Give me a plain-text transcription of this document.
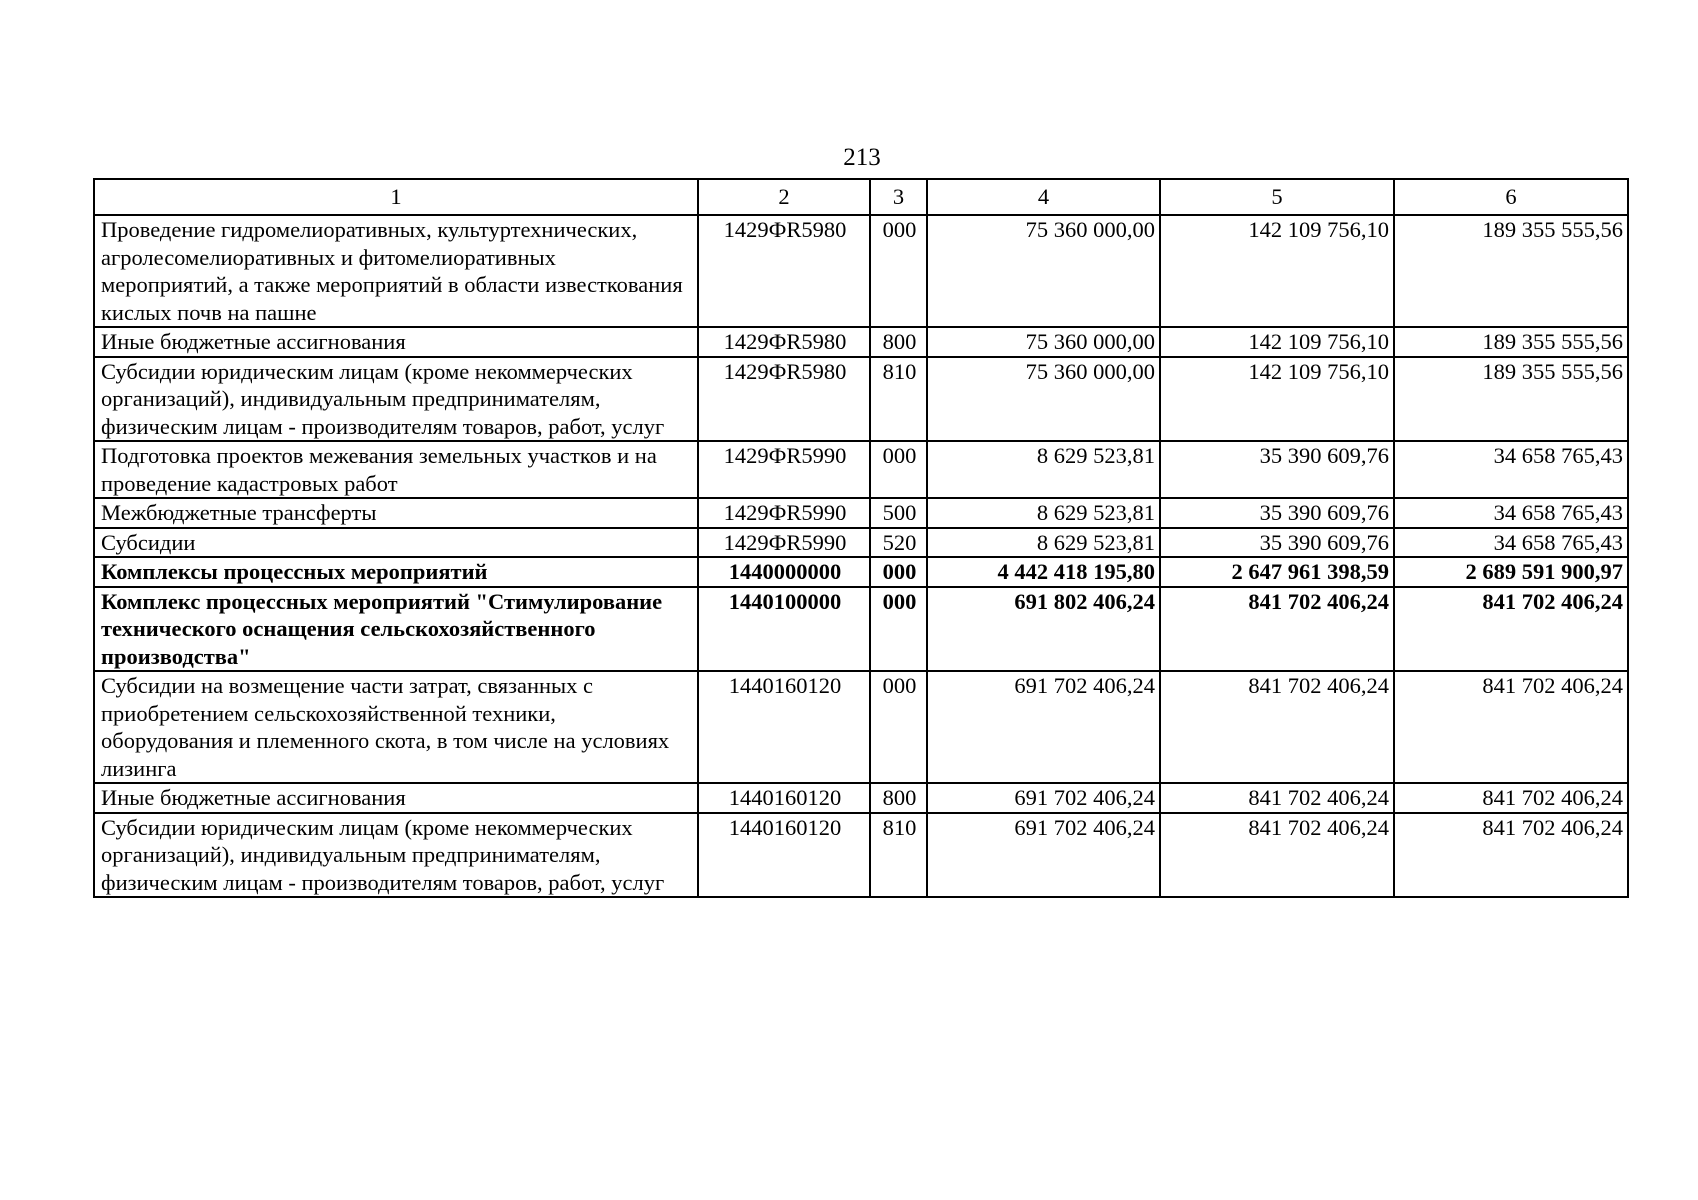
213
1	2	3	4	5	6
Проведение гидромелиоративных, культуртехнических, агролесомелиоративных и фитомелиоративных мероприятий, а также мероприятий в области известкования кислых почв на пашне	1429ФR5980	000	75 360 000,00	142 109 756,10	189 355 555,56
Иные бюджетные ассигнования	1429ФR5980	800	75 360 000,00	142 109 756,10	189 355 555,56
Субсидии юридическим лицам (кроме некоммерческих организаций), индивидуальным предпринимателям, физическим лицам - производителям товаров, работ, услуг	1429ФR5980	810	75 360 000,00	142 109 756,10	189 355 555,56
Подготовка проектов межевания земельных участков и на проведение кадастровых работ	1429ФR5990	000	8 629 523,81	35 390 609,76	34 658 765,43
Межбюджетные трансферты	1429ФR5990	500	8 629 523,81	35 390 609,76	34 658 765,43
Субсидии	1429ФR5990	520	8 629 523,81	35 390 609,76	34 658 765,43
Комплексы процессных мероприятий	1440000000	000	4 442 418 195,80	2 647 961 398,59	2 689 591 900,97
Комплекс процессных мероприятий "Стимулирование технического оснащения сельскохозяйственного производства"	1440100000	000	691 802 406,24	841 702 406,24	841 702 406,24
Субсидии на возмещение части затрат, связанных с приобретением сельскохозяйственной техники, оборудования и племенного скота, в том числе на условиях лизинга	1440160120	000	691 702 406,24	841 702 406,24	841 702 406,24
Иные бюджетные ассигнования	1440160120	800	691 702 406,24	841 702 406,24	841 702 406,24
Субсидии юридическим лицам (кроме некоммерческих организаций), индивидуальным предпринимателям, физическим лицам - производителям товаров, работ, услуг	1440160120	810	691 702 406,24	841 702 406,24	841 702 406,24
